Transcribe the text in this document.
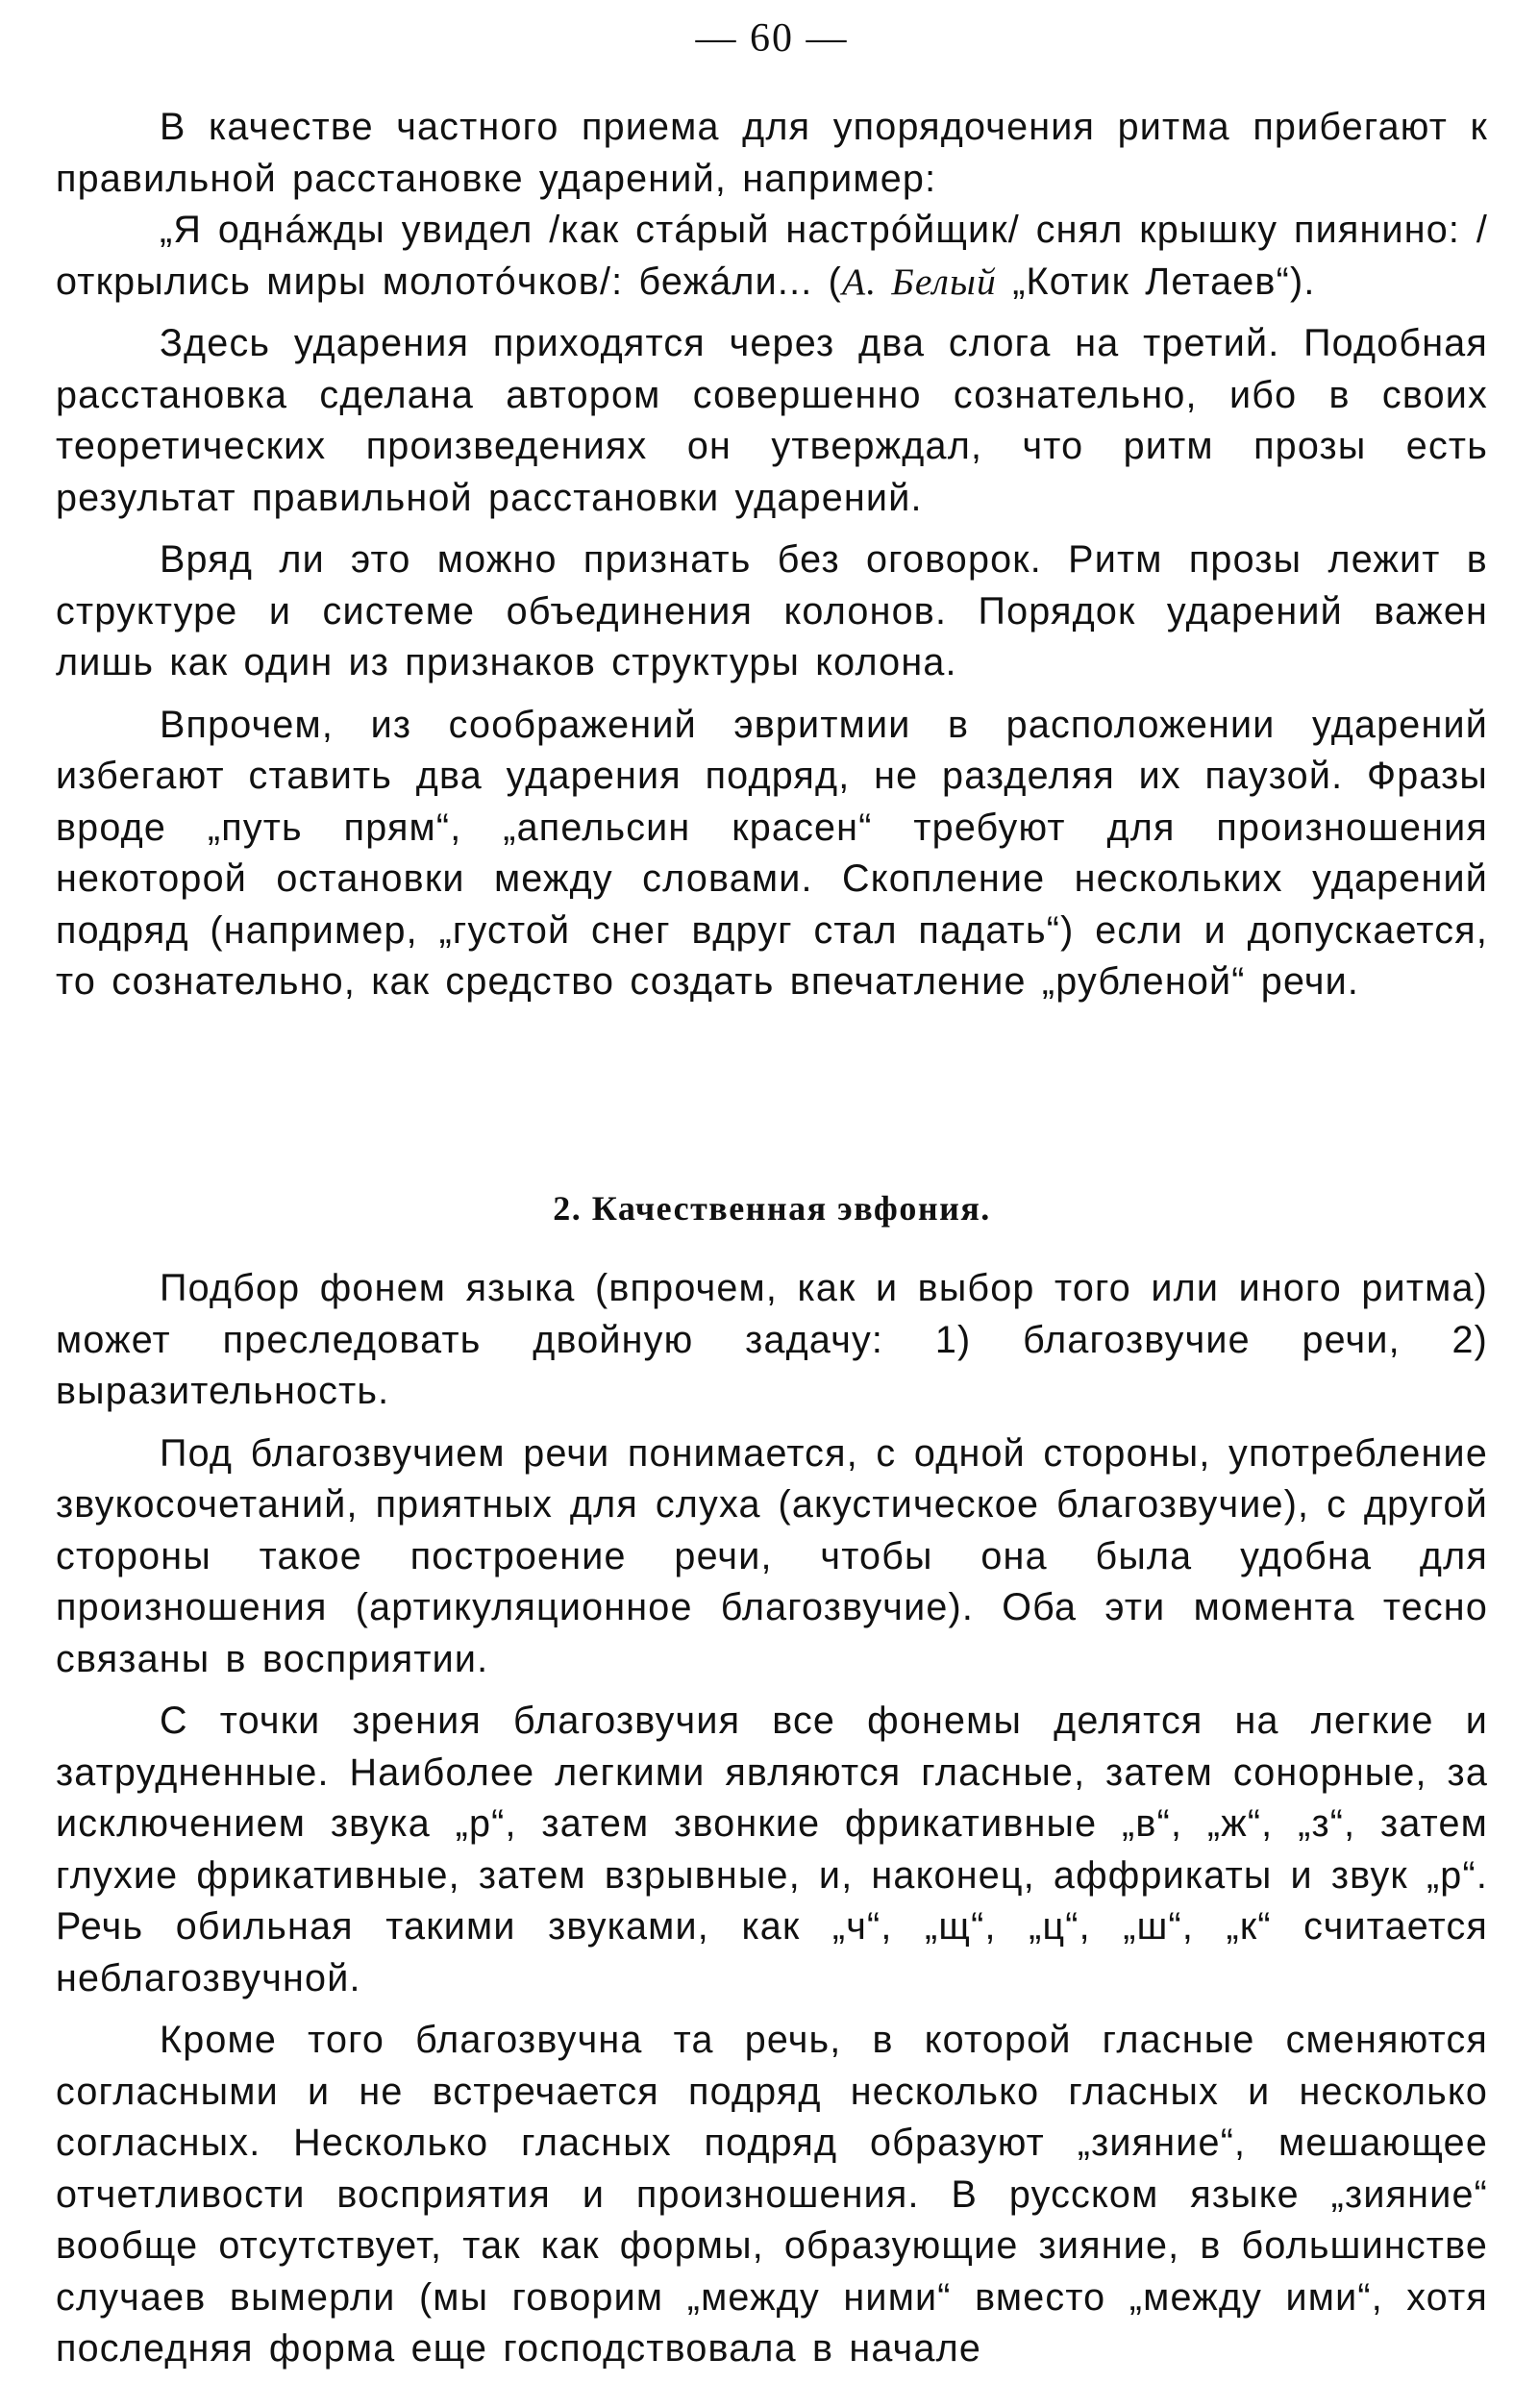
— 60 —

В качестве частного приема для упорядочения ритма прибегают к правильной расстановке ударений, например:

„Я однáжды увидел /как стáрый настрóйщик/ снял крышку пиянино: /открылись миры молотóчков/: бежáли... (А. Белый „Котик Летаев“).

Здесь ударения приходятся через два слога на третий. Подобная расстановка сделана автором совершенно сознательно, ибо в своих теоретических произведениях он утверждал, что ритм прозы есть результат правильной расстановки ударений.

Вряд ли это можно признать без оговорок. Ритм прозы лежит в структуре и системе объединения колонов. Порядок ударений важен лишь как один из признаков структуры колона.

Впрочем, из соображений эвритмии в расположении ударений избегают ставить два ударения подряд, не разделяя их паузой. Фразы вроде „путь прям“, „апельсин красен“ требуют для произношения некоторой остановки между словами. Скопление нескольких ударений подряд (например, „густой снег вдруг стал падать“) если и допускается, то сознательно, как средство создать впечатление „рубленой“ речи.

2. Качественная эвфония.

Подбор фонем языка (впрочем, как и выбор того или иного ритма) может преследовать двойную задачу: 1) благозвучие речи, 2) выразительность.

Под благозвучием речи понимается, с одной стороны, употребление звукосочетаний, приятных для слуха (акустическое благозвучие), с другой стороны такое построение речи, чтобы она была удобна для произношения (артикуляционное благозвучие). Оба эти момента тесно связаны в восприятии.

С точки зрения благозвучия все фонемы делятся на легкие и затрудненные. Наиболее легкими являются гласные, затем сонорные, за исключением звука „р“, затем звонкие фрикативные „в“, „ж“, „з“, затем глухие фрикативные, затем взрывные, и, наконец, аффрикаты и звук „р“. Речь обильная такими звуками, как „ч“, „щ“, „ц“, „ш“, „к“ считается неблагозвучной.

Кроме того благозвучна та речь, в которой гласные сменяются согласными и не встречается подряд несколько гласных и несколько согласных. Несколько гласных подряд образуют „зияние“, мешающее отчетливости восприятия и произношения. В русском языке „зияние“ вообще отсутствует, так как формы, образующие зияние, в большинстве случаев вымерли (мы говорим „между ними“ вместо „между ими“, хотя последняя форма еще господствовала в начале
